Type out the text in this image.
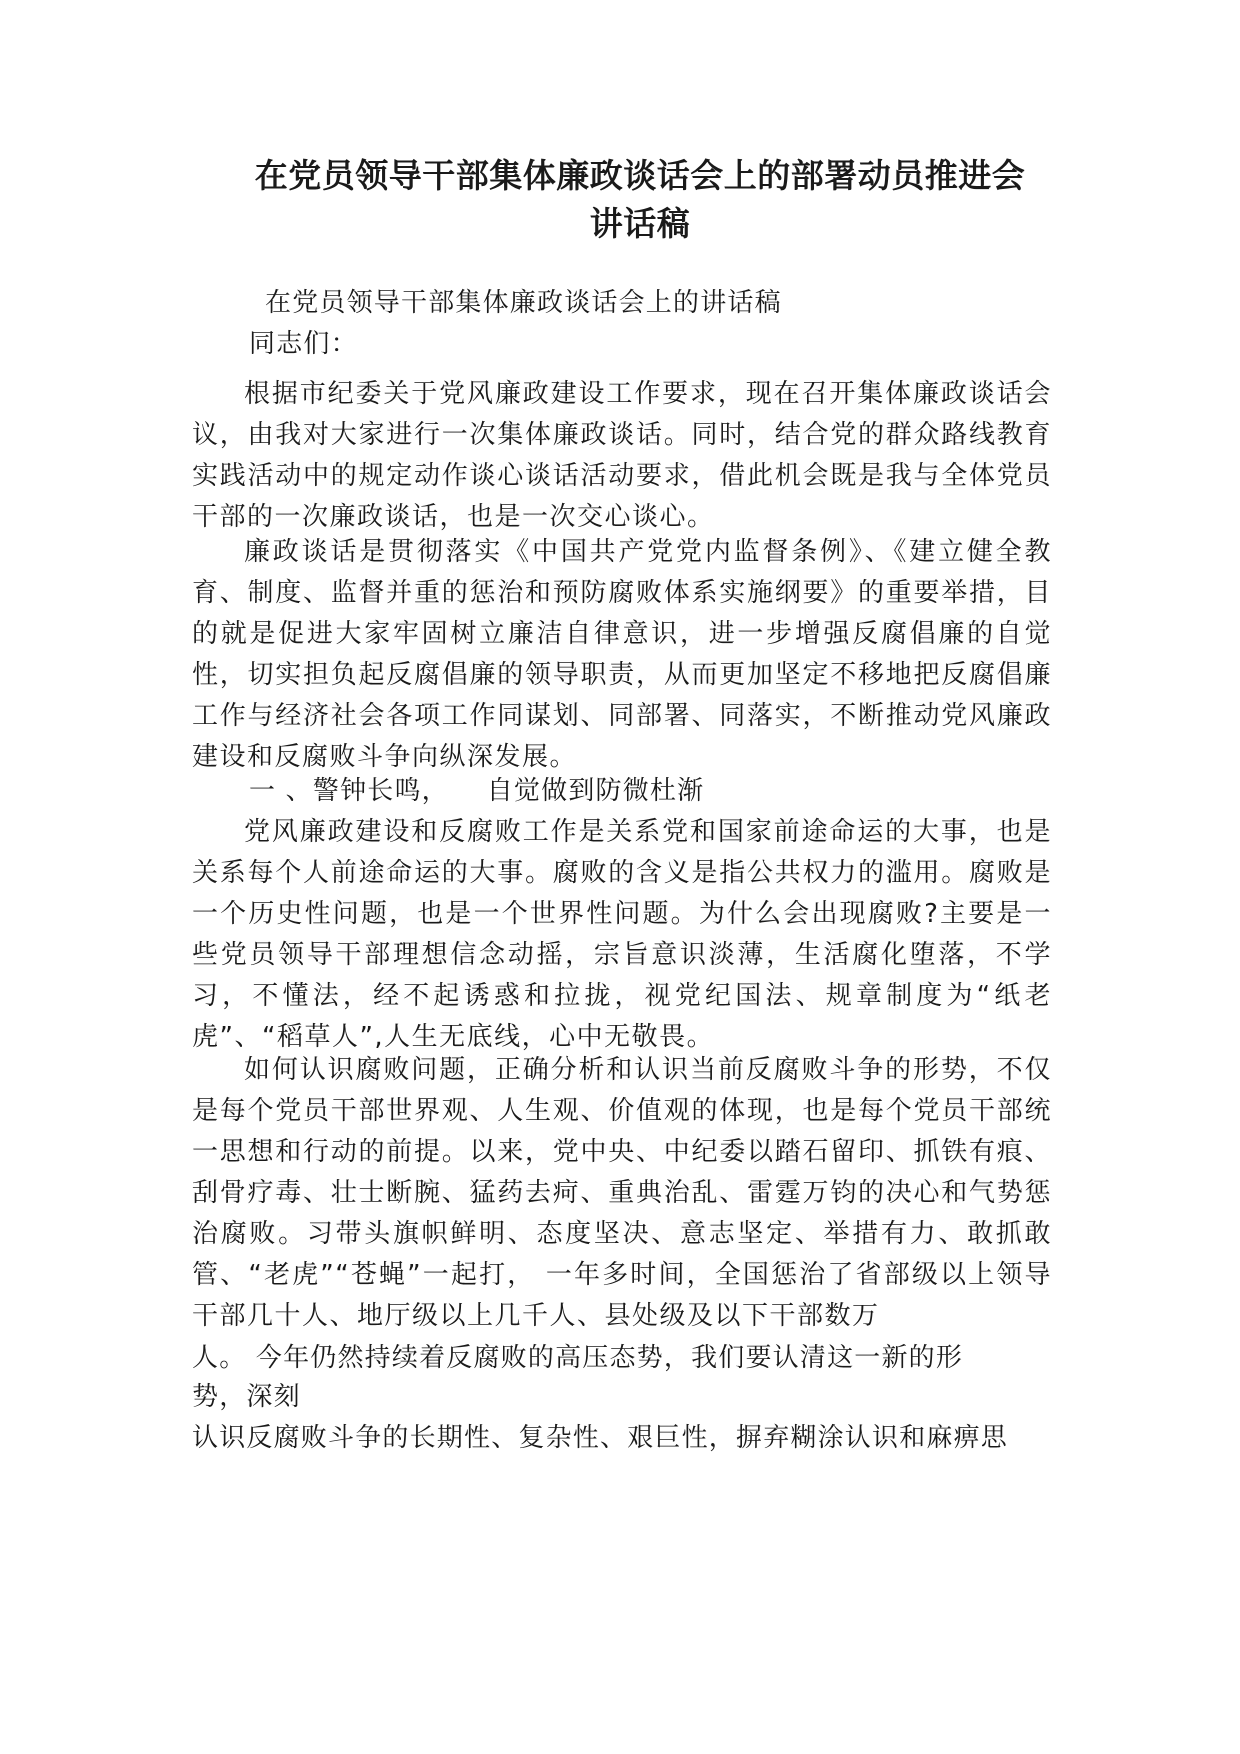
在党员领导干部集体廉政谈话会上的部署动员推进会
讲话稿

在党员领导干部集体廉政谈话会上的讲话稿

同志们：

根据市纪委关于党风廉政建设工作要求，现在召开集体廉政谈话会议，由我对大家进行一次集体廉政谈话。同时，结合党的群众路线教育实践活动中的规定动作谈心谈话活动要求，借此机会既是我与全体党员干部的一次廉政谈话，也是一次交心谈心。

廉政谈话是贯彻落实《中国共产党党内监督条例》、《建立健全教育、制度、监督并重的惩治和预防腐败体系实施纲要》的重要举措，目的就是促进大家牢固树立廉洁自律意识，进一步增强反腐倡廉的自觉性，切实担负起反腐倡廉的领导职责，从而更加坚定不移地把反腐倡廉工作与经济社会各项工作同谋划、同部署、同落实，不断推动党风廉政建设和反腐败斗争向纵深发展。

一 、警钟长鸣，    自觉做到防微杜渐

党风廉政建设和反腐败工作是关系党和国家前途命运的大事，也是关系每个人前途命运的大事。腐败的含义是指公共权力的滥用。腐败是一个历史性问题，也是一个世界性问题。为什么会出现腐败?主要是一些党员领导干部理想信念动摇，宗旨意识淡薄，生活腐化堕落，不学习，不懂法，经不起诱惑和拉拢，视党纪国法、规章制度为“纸老虎”、“稻草人”,人生无底线，心中无敬畏。

如何认识腐败问题，正确分析和认识当前反腐败斗争的形势，不仅是每个党员干部世界观、人生观、价值观的体现，也是每个党员干部统一思想和行动的前提。以来，党中央、中纪委以踏石留印、抓铁有痕、刮骨疗毒、壮士断腕、猛药去疴、重典治乱、雷霆万钧的决心和气势惩治腐败。习带头旗帜鲜明、态度坚决、意志坚定、举措有力、敢抓敢管、“老虎”“苍蝇”一起打， 一年多时间，全国惩治了省部级以上领导干部几十人、地厅级以上几千人、县处级及以下干部数万

人。 今年仍然持续着反腐败的高压态势，我们要认清这一新的形

势，深刻

认识反腐败斗争的长期性、复杂性、艰巨性，摒弃糊涂认识和麻痹思
